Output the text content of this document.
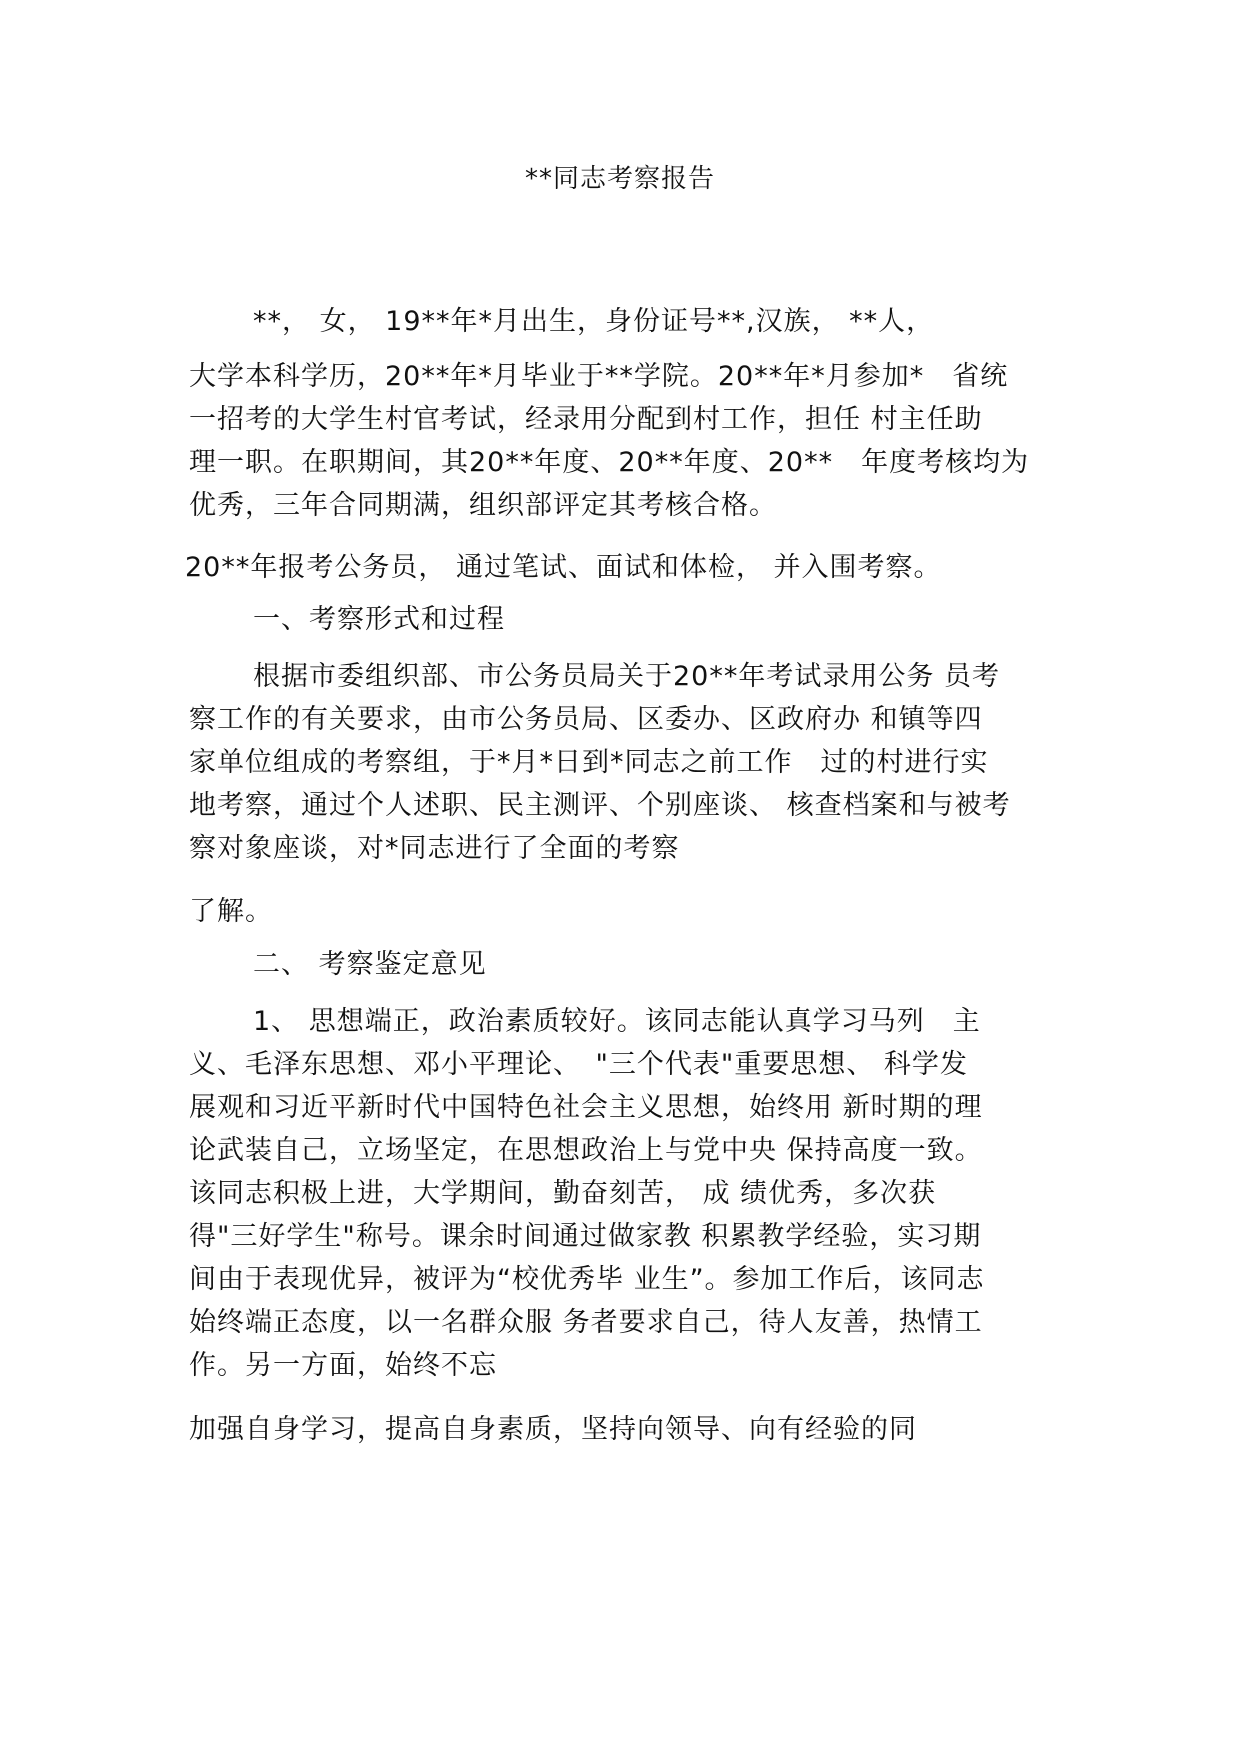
**同志考察报告
**， 女， 19**年*月出生，身份证号**,汉族， **人，
大学本科学历，20**年*月毕业于**学院。20**年*月参加*　省统
一招考的大学生村官考试，经录用分配到村工作，担任 村主任助
理一职。在职期间，其20**年度、20**年度、20**　年度考核均为
优秀，三年合同期满，组织部评定其考核合格。
20**年报考公务员， 通过笔试、面试和体检， 并入围考察。
一、考察形式和过程
根据市委组织部、市公务员局关于20**年考试录用公务 员考
察工作的有关要求，由市公务员局、区委办、区政府办 和镇等四
家单位组成的考察组，于*月*日到*同志之前工作　过的村进行实
地考察，通过个人述职、民主测评、个别座谈、 核查档案和与被考
察对象座谈，对*同志进行了全面的考察
了解。
二、 考察鉴定意见
1、 思想端正，政治素质较好。该同志能认真学习马列　主
义、毛泽东思想、邓小平理论、　"三个代表"重要思想、 科学发
展观和习近平新时代中国特色社会主义思想，始终用 新时期的理
论武装自己，立场坚定，在思想政治上与党中央 保持高度一致。
该同志积极上进，大学期间，勤奋刻苦， 成 绩优秀，多次获
得"三好学生"称号。课余时间通过做家教 积累教学经验，实习期
间由于表现优异，被评为“校优秀毕 业生”。参加工作后，该同志
始终端正态度，以一名群众服 务者要求自己，待人友善，热情工
作。另一方面，始终不忘
加强自身学习，提高自身素质，坚持向领导、向有经验的同
